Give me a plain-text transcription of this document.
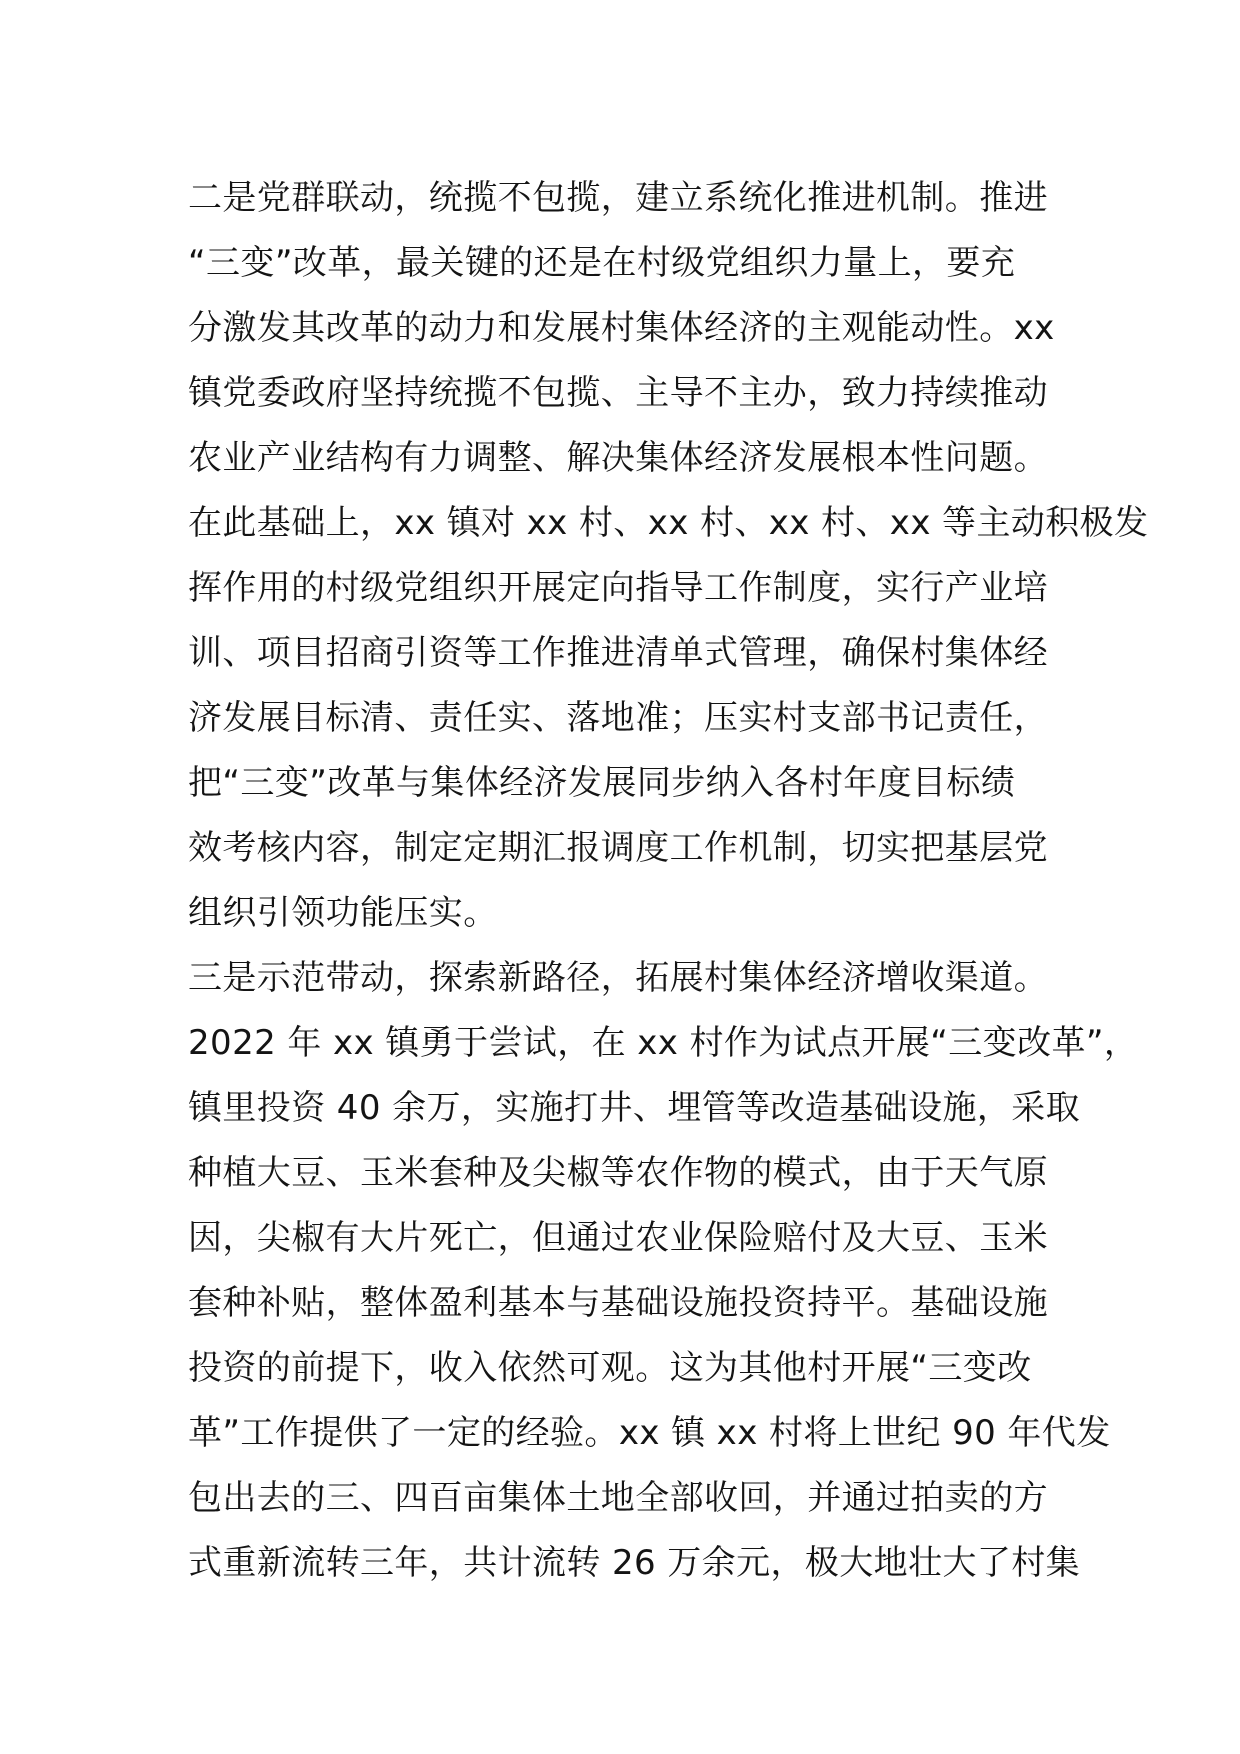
二是党群联动，统揽不包揽，建立系统化推进机制。推进
“三变”改革，最关键的还是在村级党组织力量上，要充
分激发其改革的动力和发展村集体经济的主观能动性。xx
镇党委政府坚持统揽不包揽、主导不主办，致力持续推动
农业产业结构有力调整、解决集体经济发展根本性问题。
在此基础上，xx 镇对 xx 村、xx 村、xx 村、xx 等主动积极发
挥作用的村级党组织开展定向指导工作制度，实行产业培
训、项目招商引资等工作推进清单式管理，确保村集体经
济发展目标清、责任实、落地准；压实村支部书记责任，
把“三变”改革与集体经济发展同步纳入各村年度目标绩
效考核内容，制定定期汇报调度工作机制，切实把基层党
组织引领功能压实。
三是示范带动，探索新路径，拓展村集体经济增收渠道。
2022 年 xx 镇勇于尝试，在 xx 村作为试点开展“三变改革”，
镇里投资 40 余万，实施打井、埋管等改造基础设施，采取
种植大豆、玉米套种及尖椒等农作物的模式，由于天气原
因，尖椒有大片死亡，但通过农业保险赔付及大豆、玉米
套种补贴，整体盈利基本与基础设施投资持平。基础设施
投资的前提下，收入依然可观。这为其他村开展“三变改
革”工作提供了一定的经验。xx 镇 xx 村将上世纪 90 年代发
包出去的三、四百亩集体土地全部收回，并通过拍卖的方
式重新流转三年，共计流转 26 万余元，极大地壮大了村集
